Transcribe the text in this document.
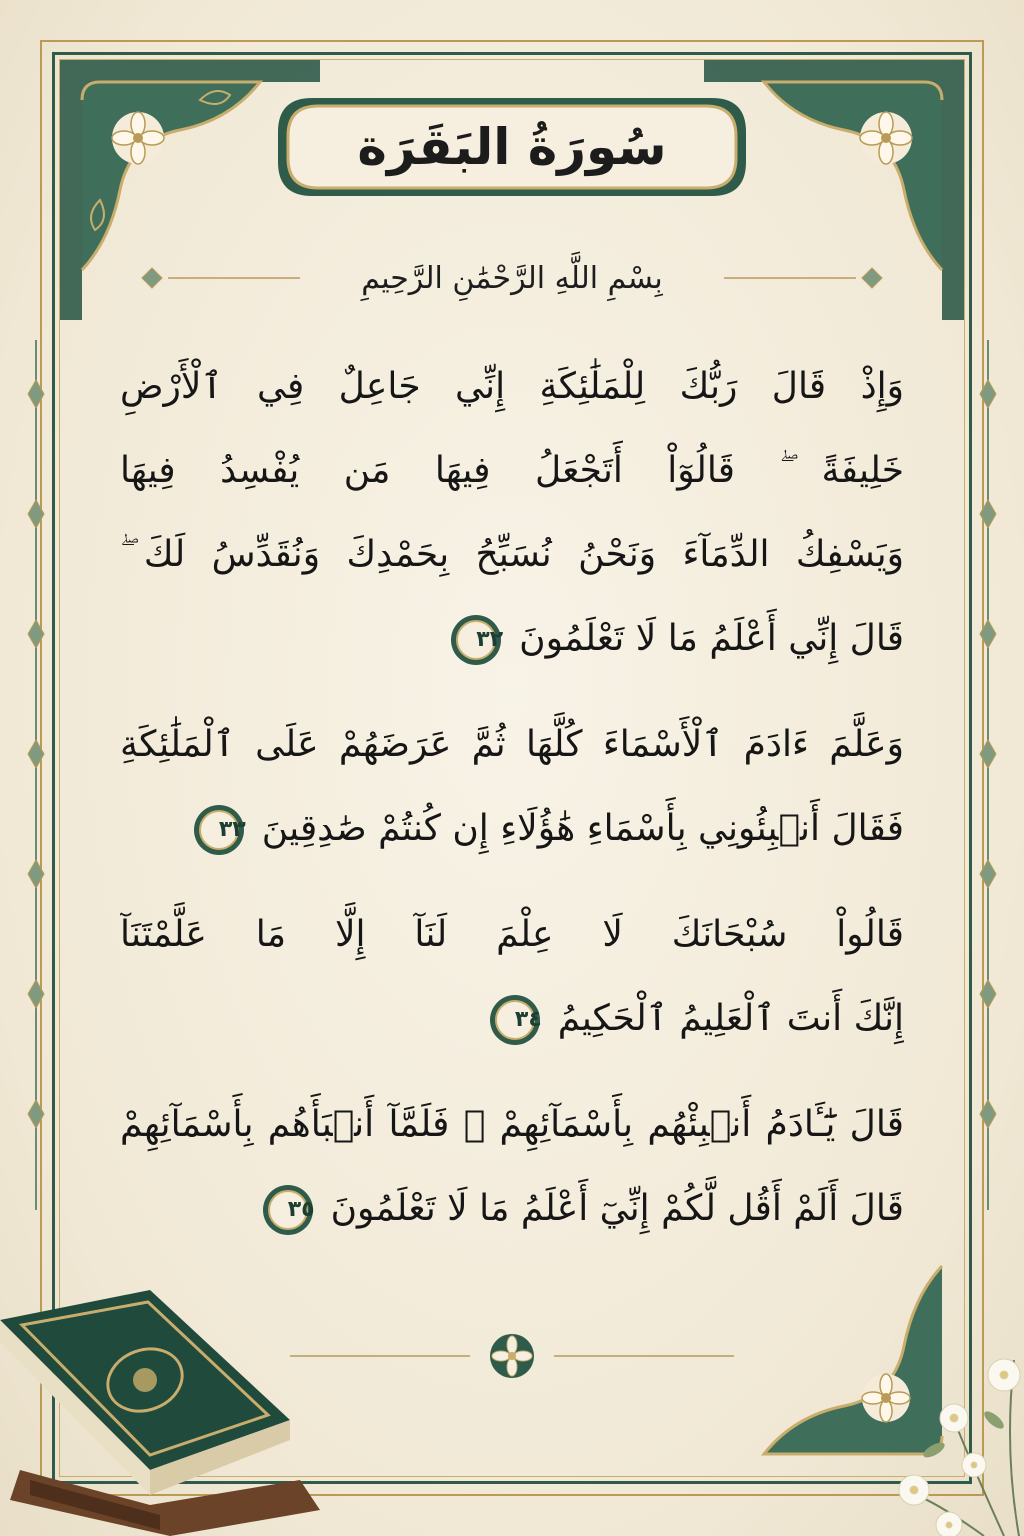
سُورَةُ البَقَرَة
بِسْمِ اللَّهِ الرَّحْمَٰنِ الرَّحِيمِ
وَإِذْ قَالَ رَبُّكَ لِلْمَلَٰئِكَةِ إِنِّي جَاعِلٌ فِي ٱلْأَرْضِ
خَلِيفَةً ۖ قَالُوٓاْ أَتَجْعَلُ فِيهَا مَن يُفْسِدُ فِيهَا
وَيَسْفِكُ الدِّمَآءَ وَنَحْنُ نُسَبِّحُ بِحَمْدِكَ وَنُقَدِّسُ لَكَ ۖ
قَالَ إِنِّي أَعْلَمُ مَا لَا تَعْلَمُونَ
٣٢
وَعَلَّمَ ءَادَمَ ٱلْأَسْمَاءَ كُلَّهَا ثُمَّ عَرَضَهُمْ عَلَى ٱلْمَلَٰئِكَةِ
فَقَالَ أَنۢبِئُونِي بِأَسْمَاءِ هَٰؤُلَاءِ إِن كُنتُمْ صَٰدِقِينَ
٣٣
قَالُواْ سُبْحَانَكَ لَا عِلْمَ لَنَآ إِلَّا مَا عَلَّمْتَنَآ
إِنَّكَ أَنتَ ٱلْعَلِيمُ ٱلْحَكِيمُ
٣٤
قَالَ يَٰٓـَٔادَمُ أَنۢبِئْهُم بِأَسْمَآئِهِمْ ۖ فَلَمَّآ أَنۢبَأَهُم بِأَسْمَآئِهِمْ
قَالَ أَلَمْ أَقُل لَّكُمْ إِنِّيٓ أَعْلَمُ مَا لَا تَعْلَمُونَ
٣٥
